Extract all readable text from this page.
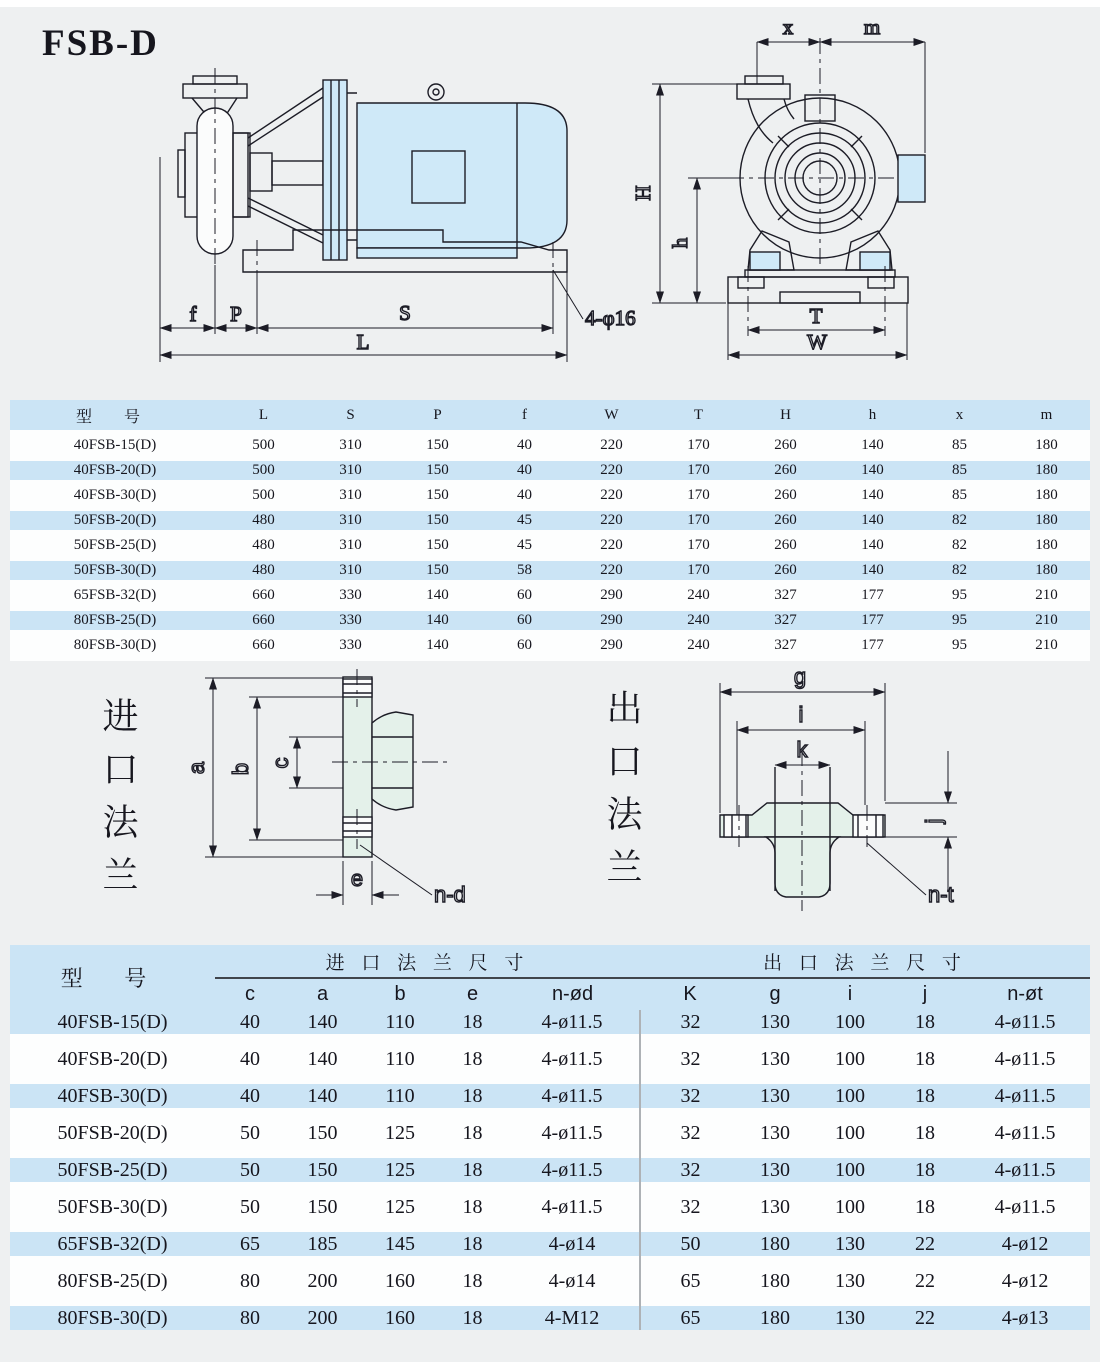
FSB-D
f P	S
L
4-φ16
x	m
H
h
T
W
型 号	L	S	P	f	W	T	H	h	x	m
40FSB-15(D)	500	310	150	40	220	170	260	140	85	180
40FSB-20(D)	500	310	150	40	220	170	260	140	85	180
40FSB-30(D)	500	310	150	40	220	170	260	140	85	180
50FSB-20(D)	480	310	150	45	220	170	260	140	82	180
50FSB-25(D)	480	310	150	45	220	170	260	140	82	180
50FSB-30(D)	480	310	150	58	220	170	260	140	82	180
65FSB-32(D)	660	330	140	60	290	240	327	177	95	210
80FSB-25(D)	660	330	140	60	290	240	327	177	95	210
80FSB-30(D)	660	330	140	60	290	240	327	177	95	210
进口法兰	出口法兰
a b c
e
n-d
g
i
k
j
n-t
型 号	进 口 法 兰 尺 寸					出 口 法 兰 尺 寸				
	c	a	b	e	n-ød	K	g	i	j	n-øt
40FSB-15(D)	40	140	110	18	4-ø11.5	32	130	100	18	4-ø11.5
40FSB-20(D)	40	140	110	18	4-ø11.5	32	130	100	18	4-ø11.5
40FSB-30(D)	40	140	110	18	4-ø11.5	32	130	100	18	4-ø11.5
50FSB-20(D)	50	150	125	18	4-ø11.5	32	130	100	18	4-ø11.5
50FSB-25(D)	50	150	125	18	4-ø11.5	32	130	100	18	4-ø11.5
50FSB-30(D)	50	150	125	18	4-ø11.5	32	130	100	18	4-ø11.5
65FSB-32(D)	65	185	145	18	4-ø14	50	180	130	22	4-ø12
80FSB-25(D)	80	200	160	18	4-ø14	65	180	130	22	4-ø12
80FSB-30(D)	80	200	160	18	4-M12	65	180	130	22	4-ø13
